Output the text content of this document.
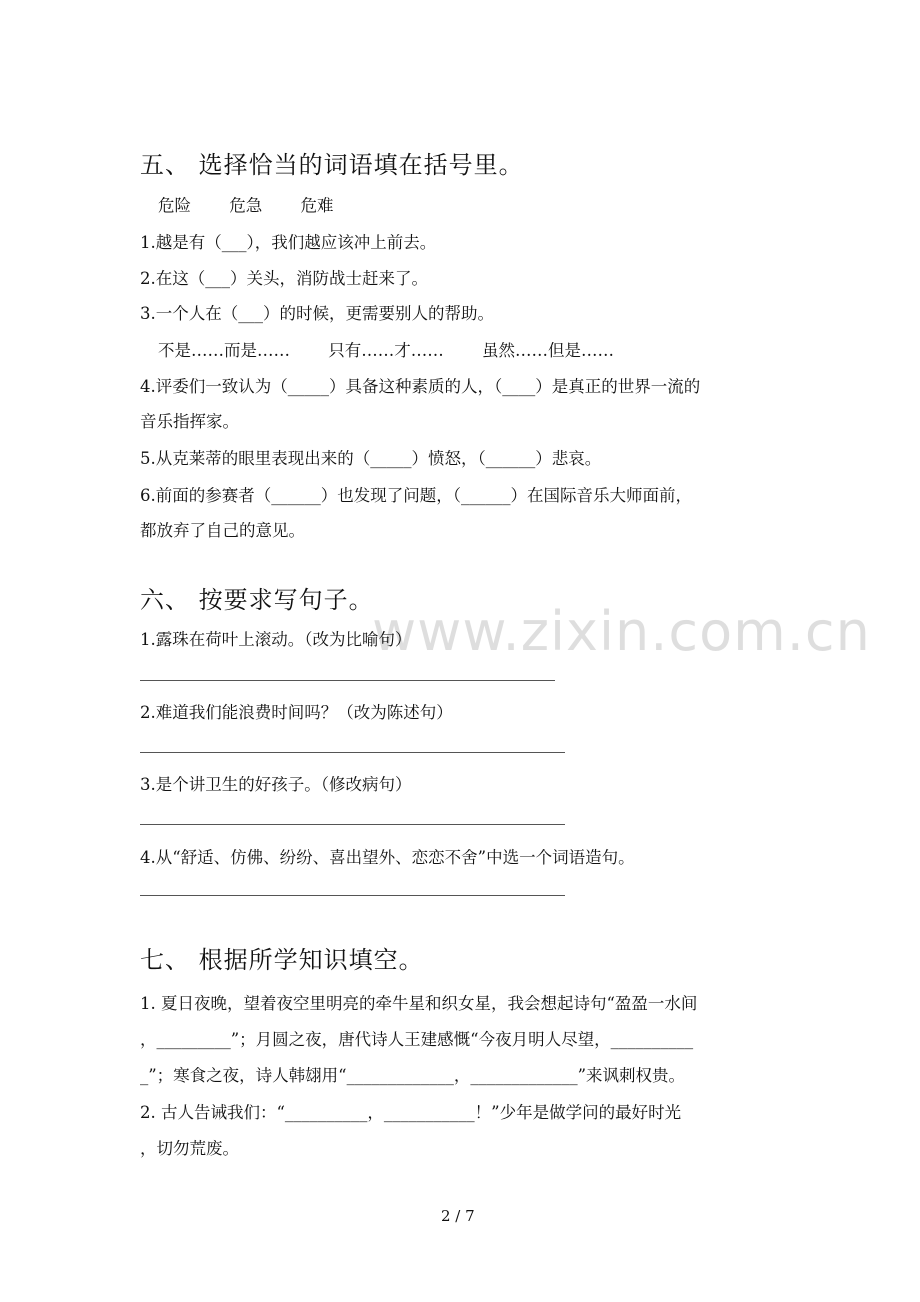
五、 选择恰当的词语填在括号里。
危险　　 危急　　 危难
1.越是有（___），我们越应该冲上前去。
2.在这（___）关头，消防战士赶来了。
3.一个人在（___）的时候，更需要别人的帮助。
不是……而是……　　 只有……才……　　 虽然……但是……
4.评委们一致认为（_____）具备这种素质的人，（____）是真正的世界一流的
音乐指挥家。
5.从克莱蒂的眼里表现出来的（_____）愤怒，（______）悲哀。
6.前面的参赛者（______）也发现了问题，（______）在国际音乐大师面前，
都放弃了自己的意见。
六、 按要求写句子。
1.露珠在荷叶上滚动。（改为比喻句）
2.难道我们能浪费时间吗？（改为陈述句）
3.是个讲卫生的好孩子。（修改病句）
4.从“舒适、仿佛、纷纷、喜出望外、恋恋不舍”中选一个词语造句。
七、 根据所学知识填空。
1. 夏日夜晚，望着夜空里明亮的牵牛星和织女星，我会想起诗句“盈盈一水间
，_________”；月圆之夜，唐代诗人王建感慨“今夜月明人尽望，__________
_”；寒食之夜，诗人韩翃用“_____________，_____________”来讽刺权贵。
2. 古人告诫我们：“__________，___________！”少年是做学问的最好时光
，切勿荒废。
www.zixin.com.cn
2 / 7
